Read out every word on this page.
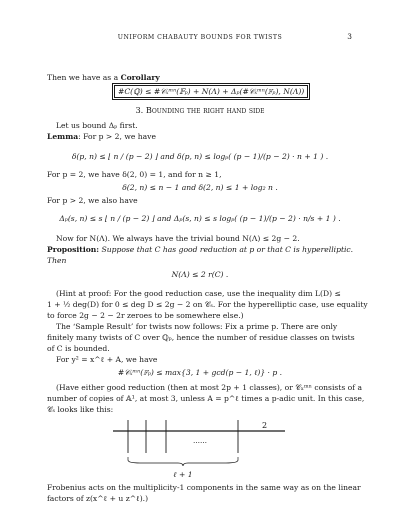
UNIFORM CHABAUTY BOUNDS FOR TWISTS	3
Then we have as a Corollary
#C(ℚ) ≤ #𝒞ₓᵐⁿ(𝔽ₚ) + N(Λ) + Δₚ(#𝒞ₓᵐⁿ(𝔽ₚ), N(Λ))
3. Bounding the right hand side
Let us bound Δₚ first.
Lemma: For p > 2, we have
δ(p, n) ≤ ⌊ n / (p − 2) ⌋ and δ(p, n) ≤ logₚ( (p − 1)/(p − 2) · n + 1 ) .
For p = 2, we have δ(2, 0) = 1, and for n ≥ 1,
δ(2, n) ≤ n − 1 and δ(2, n) ≤ 1 + log₂ n .
For p > 2, we also have
Δₚ(s, n) ≤ s ⌊ n / (p − 2) ⌋ and Δₚ(s, n) ≤ s logₚ( (p − 1)/(p − 2) · n/s + 1 ) .
Now for N(Λ). We always have the trivial bound N(Λ) ≤ 2g − 2.
Proposition: Suppose that C has good reduction at p or that C is hyperelliptic.
Then
N(Λ) ≤ 2 r(C) .
(Hint at proof: For the good reduction case, use the inequality dim L(D) ≤
1 + ½ deg(D) for 0 ≤ deg D ≤ 2g − 2 on 𝒞ₛ. For the hyperelliptic case, use equality
to force 2g − 2 − 2r zeroes to be somewhere else.)
The ‘Sample Result’ for twists now follows: Fix a prime p. There are only
finitely many twists of C over ℚₚ, hence the number of residue classes on twists
of C is bounded.
For y² = x^ℓ + A, we have
#𝒞ₓᵐⁿ(𝔽ₚ) ≤ max{3, 1 + gcd(p − 1, ℓ)} · p .
(Have either good reduction (then at most 2p + 1 classes), or 𝒞ₓᵐⁿ consists of a
number of copies of 𝔸¹, at most 3, unless A = p^ℓ times a p-adic unit. In this case,
𝒞ₛ looks like this:
2
……
ℓ + 1
Frobenius acts on the multiplicity-1 components in the same way as on the linear
factors of z(x^ℓ + u z^ℓ).)
